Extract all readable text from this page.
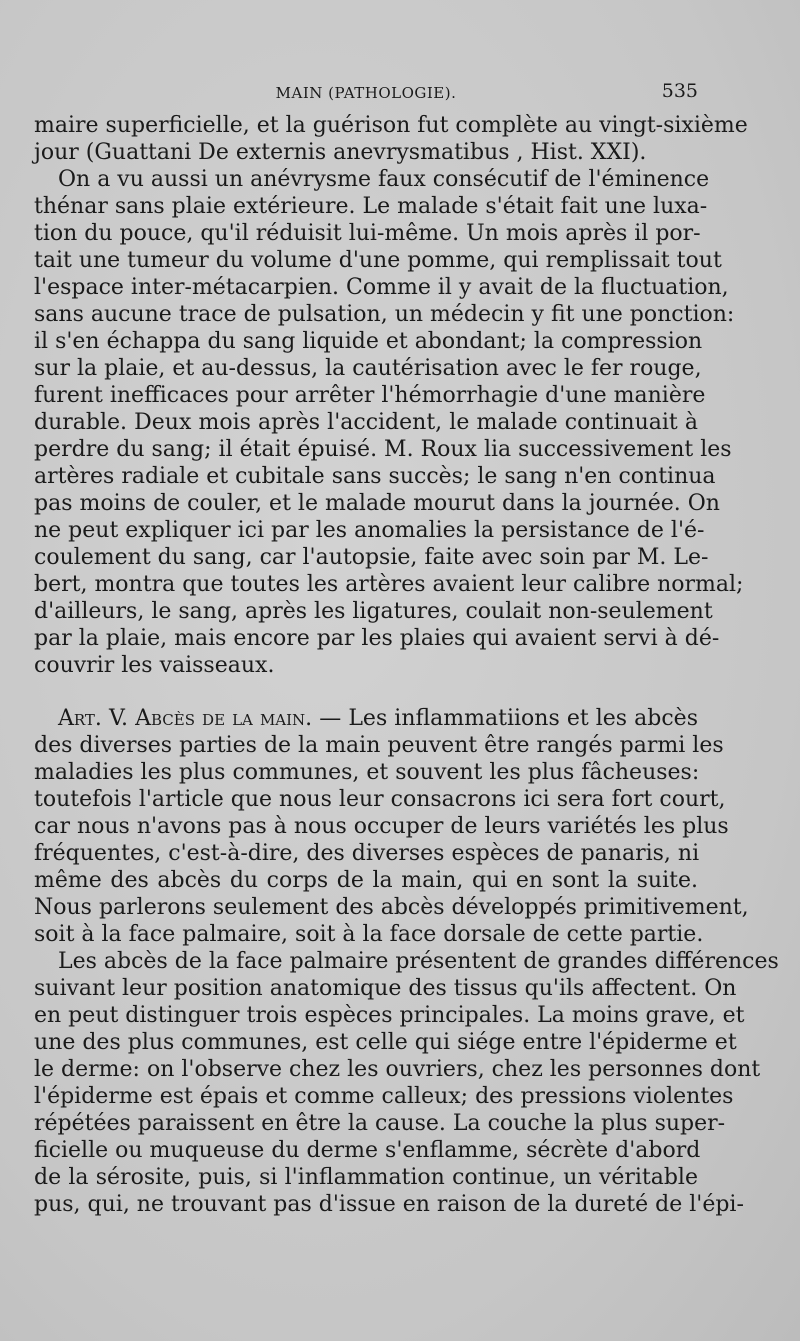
MAIN (PATHOLOGIE).	535
maire superficielle, et la guérison fut complète au vingt-sixième
jour (Guattani De externis anevrysmatibus , Hist. XXI).
On a vu aussi un anévrysme faux consécutif de l'éminence
thénar sans plaie extérieure. Le malade s'était fait une luxa-
tion du pouce, qu'il réduisit lui-même. Un mois après il por-
tait une tumeur du volume d'une pomme, qui remplissait tout
l'espace inter-métacarpien. Comme il y avait de la fluctuation,
sans aucune trace de pulsation, un médecin y fit une ponction:
il s'en échappa du sang liquide et abondant; la compression
sur la plaie, et au-dessus, la cautérisation avec le fer rouge,
furent inefficaces pour arrêter l'hémorrhagie d'une manière
durable. Deux mois après l'accident, le malade continuait à
perdre du sang; il était épuisé. M. Roux lia successivement les
artères radiale et cubitale sans succès; le sang n'en continua
pas moins de couler, et le malade mourut dans la journée. On
ne peut expliquer ici par les anomalies la persistance de l'é-
coulement du sang, car l'autopsie, faite avec soin par M. Le-
bert, montra que toutes les artères avaient leur calibre normal;
d'ailleurs, le sang, après les ligatures, coulait non-seulement
par la plaie, mais encore par les plaies qui avaient servi à dé-
couvrir les vaisseaux.
Art. V. Abcès de la main. — Les inflammatiions et les abcès
des diverses parties de la main peuvent être rangés parmi les
maladies les plus communes, et souvent les plus fâcheuses:
toutefois l'article que nous leur consacrons ici sera fort court,
car nous n'avons pas à nous occuper de leurs variétés les plus
fréquentes, c'est-à-dire, des diverses espèces de panaris, ni
même des abcès du corps de la main, qui en sont la suite.
Nous parlerons seulement des abcès développés primitivement,
soit à la face palmaire, soit à la face dorsale de cette partie.
Les abcès de la face palmaire présentent de grandes différences
suivant leur position anatomique des tissus qu'ils affectent. On
en peut distinguer trois espèces principales. La moins grave, et
une des plus communes, est celle qui siége entre l'épiderme et
le derme: on l'observe chez les ouvriers, chez les personnes dont
l'épiderme est épais et comme calleux; des pressions violentes
répétées paraissent en être la cause. La couche la plus super-
ficielle ou muqueuse du derme s'enflamme, sécrète d'abord
de la sérosite, puis, si l'inflammation continue, un véritable
pus, qui, ne trouvant pas d'issue en raison de la dureté de l'épi-
